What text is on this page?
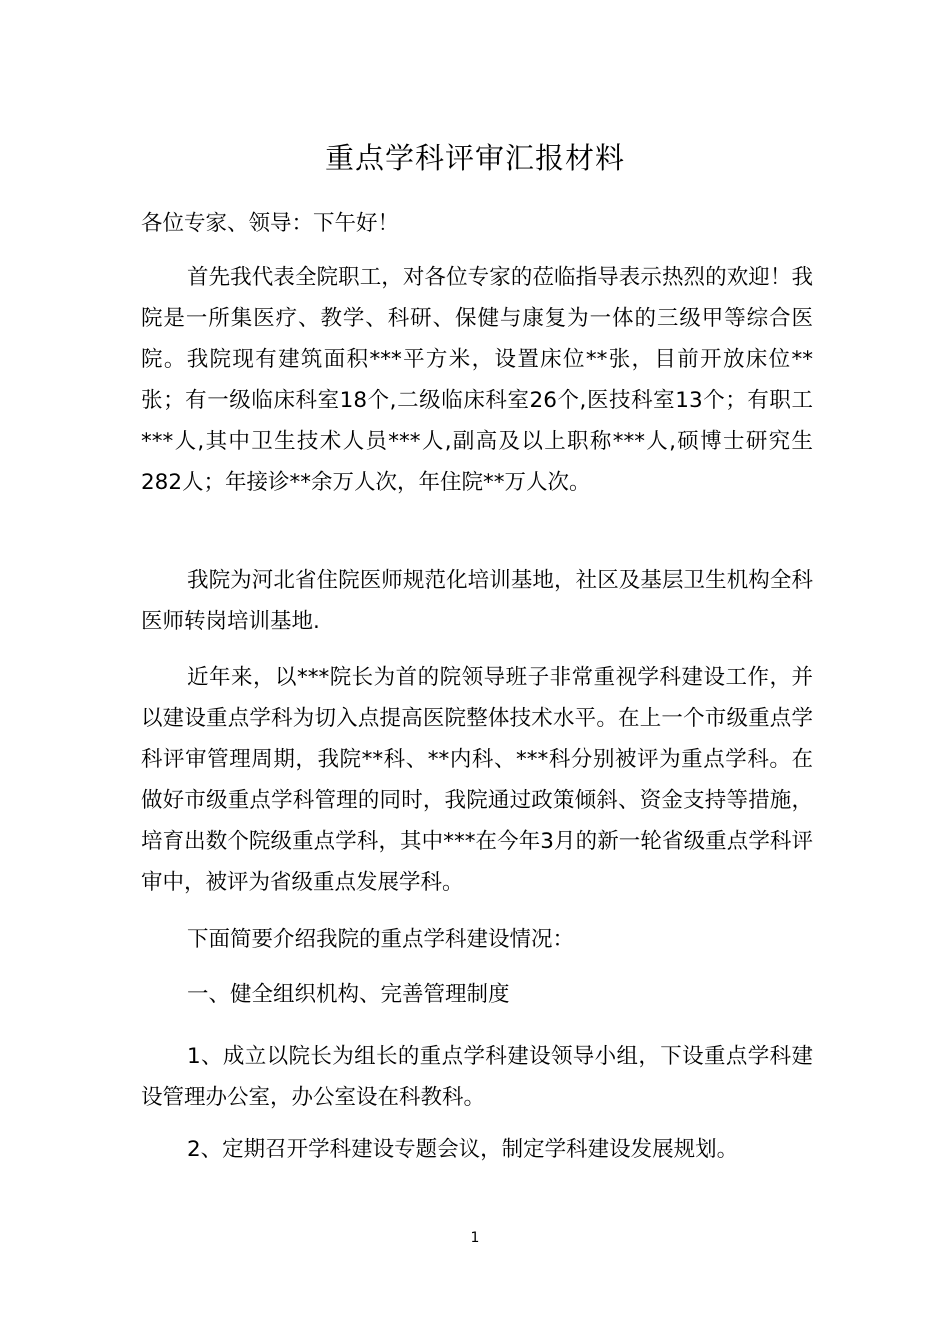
重点学科评审汇报材料

各位专家、领导：下午好！

首先我代表全院职工，对各位专家的莅临指导表示热烈的欢迎！我院是一所集医疗、教学、科研、保健与康复为一体的三级甲等综合医院。我院现有建筑面积***平方米，设置床位**张，目前开放床位**张；有一级临床科室18个,二级临床科室26个,医技科室13个；有职工***人,其中卫生技术人员***人,副高及以上职称***人,硕博士研究生282人；年接诊**余万人次，年住院**万人次。

我院为河北省住院医师规范化培训基地，社区及基层卫生机构全科医师转岗培训基地.

近年来，以***院长为首的院领导班子非常重视学科建设工作，并以建设重点学科为切入点提高医院整体技术水平。在上一个市级重点学科评审管理周期，我院**科、**内科、***科分别被评为重点学科。在做好市级重点学科管理的同时，我院通过政策倾斜、资金支持等措施，培育出数个院级重点学科，其中***在今年3月的新一轮省级重点学科评审中，被评为省级重点发展学科。

下面简要介绍我院的重点学科建设情况：

一、健全组织机构、完善管理制度

1、成立以院长为组长的重点学科建设领导小组，下设重点学科建设管理办公室，办公室设在科教科。

2、定期召开学科建设专题会议，制定学科建设发展规划。

1
